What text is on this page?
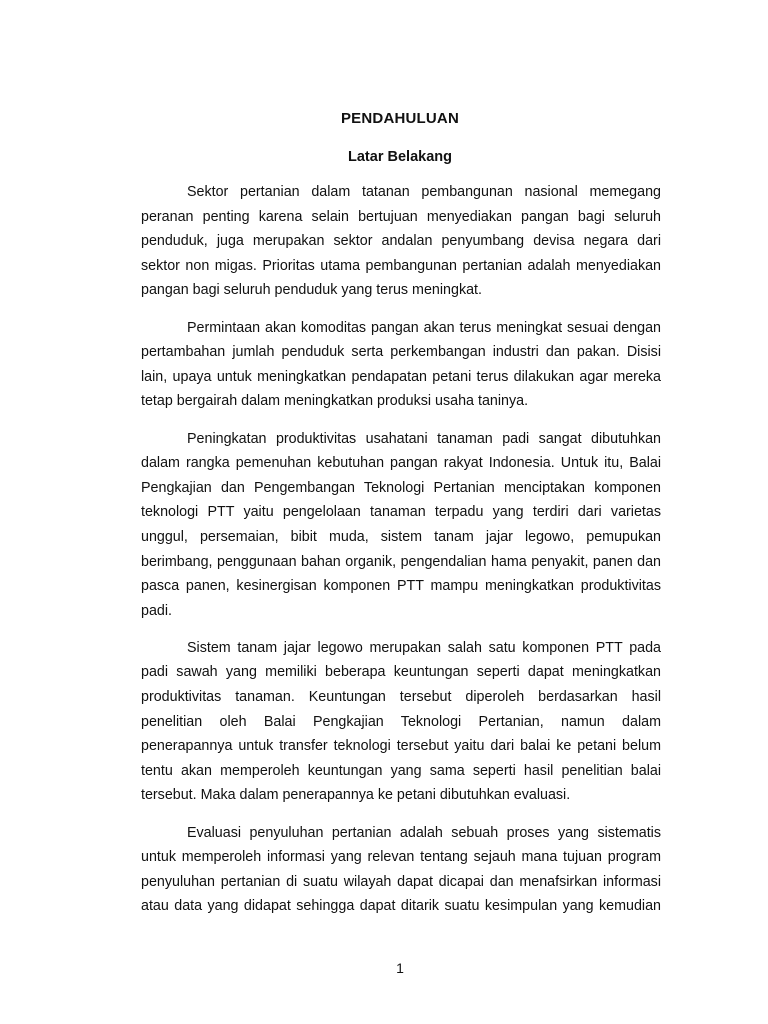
PENDAHULUAN
Latar Belakang

Sektor pertanian dalam tatanan pembangunan nasional memegang peranan penting karena selain bertujuan menyediakan pangan bagi seluruh penduduk, juga merupakan sektor andalan penyumbang devisa negara dari sektor non migas. Prioritas utama pembangunan pertanian adalah menyediakan pangan bagi seluruh penduduk yang terus meningkat.

Permintaan akan komoditas pangan akan terus meningkat sesuai dengan pertambahan jumlah penduduk serta perkembangan industri dan pakan. Disisi lain, upaya untuk meningkatkan pendapatan petani terus dilakukan agar mereka tetap bergairah dalam meningkatkan produksi usaha taninya.

Peningkatan produktivitas usahatani tanaman padi sangat dibutuhkan dalam rangka pemenuhan kebutuhan pangan rakyat Indonesia. Untuk itu, Balai Pengkajian dan Pengembangan Teknologi Pertanian menciptakan komponen teknologi PTT yaitu pengelolaan tanaman terpadu yang terdiri dari varietas unggul, persemaian, bibit muda, sistem tanam jajar legowo, pemupukan berimbang, penggunaan bahan organik, pengendalian hama penyakit, panen dan pasca panen, kesinergisan komponen PTT mampu meningkatkan produktivitas padi.

Sistem tanam jajar legowo merupakan salah satu komponen PTT pada padi sawah yang memiliki beberapa keuntungan seperti dapat meningkatkan produktivitas tanaman. Keuntungan tersebut diperoleh berdasarkan hasil penelitian oleh Balai Pengkajian Teknologi Pertanian, namun dalam penerapannya untuk transfer teknologi tersebut yaitu dari balai ke petani belum tentu akan memperoleh keuntungan yang sama seperti hasil penelitian balai tersebut. Maka dalam penerapannya ke petani dibutuhkan evaluasi.

Evaluasi penyuluhan pertanian adalah sebuah proses yang sistematis untuk memperoleh informasi yang relevan tentang sejauh mana tujuan program penyuluhan pertanian di suatu wilayah dapat dicapai dan menafsirkan informasi atau data yang didapat sehingga dapat ditarik suatu kesimpulan yang kemudian

1
